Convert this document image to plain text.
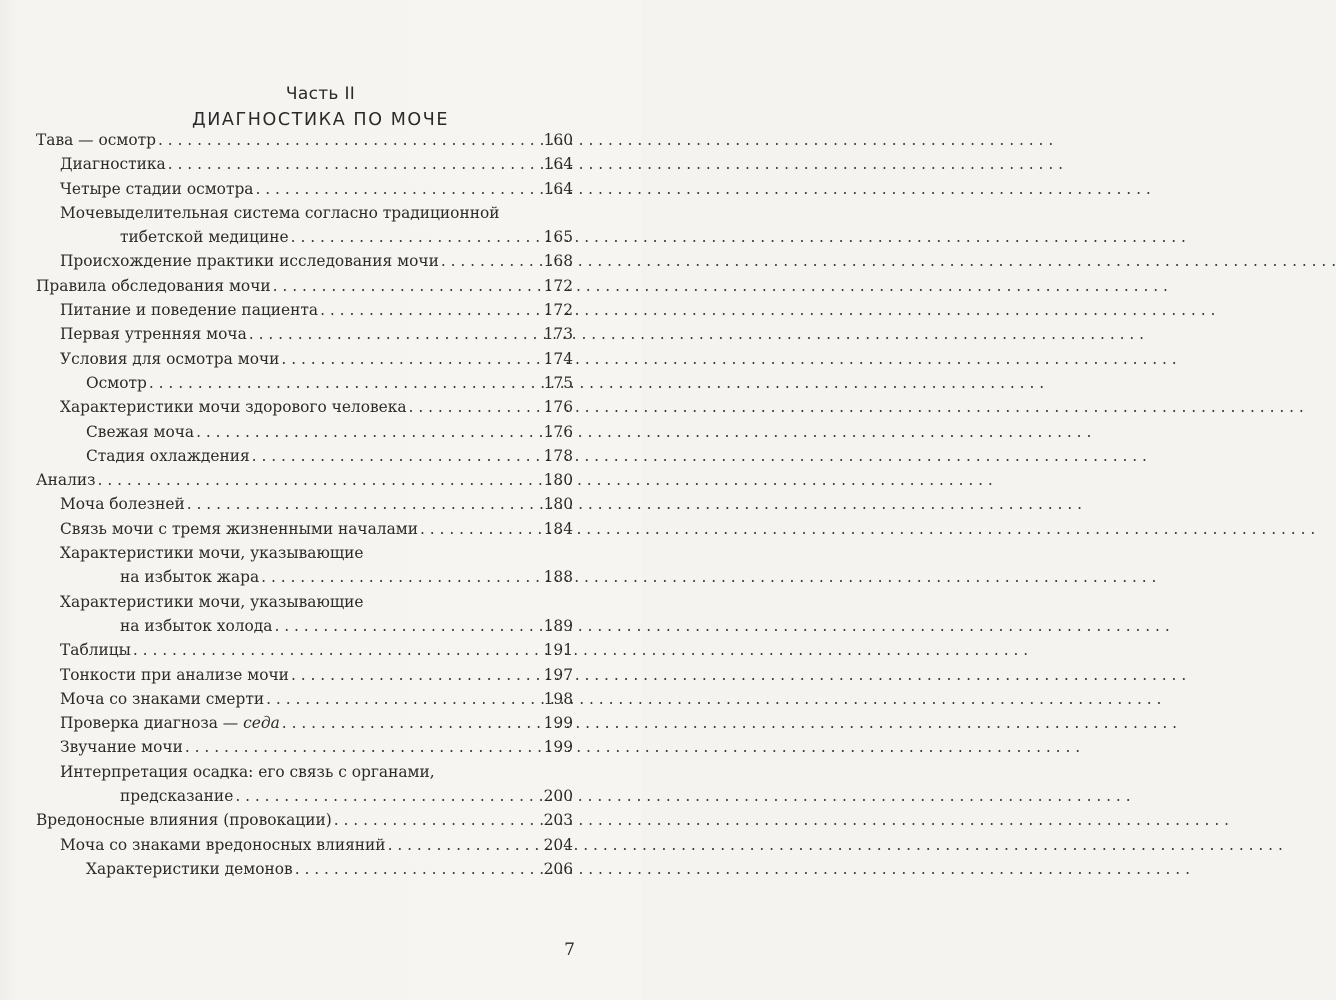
Часть II
ДИАГНОСТИКА ПО МОЧЕ
Тава — осмотр . . .	160
Диагностика . . .	164
Четыре стадии осмотра . . .	164
Мочевыделительная система согласно традиционной
тибетской медицине . . .	165
Происхождение практики исследования мочи . . .	168
Правила обследования мочи . . .	172
Питание и поведение пациента . . .	172
Первая утренняя моча . . .	173
Условия для осмотра мочи . . .	174
Осмотр . . .	175
Характеристики мочи здорового человека . . .	176
Свежая моча . . .	176
Стадия охлаждения . . .	178
Анализ . . .	180
Моча болезней . . .	180
Связь мочи с тремя жизненными началами . . .	184
Характеристики мочи, указывающие
на избыток жара . . .	188
Характеристики мочи, указывающие
на избыток холода . . .	189
Таблицы . . .	191
Тонкости при анализе мочи . . .	197
Моча со знаками смерти . . .	198
Проверка диагноза — седа . . .	199
Звучание мочи . . .	199
Интерпретация осадка: его связь с органами,
предсказание . . .	200
Вредоносные влияния (провокации) . . .	203
Моча со знаками вредоносных влияний . . .	204
Характеристики демонов . . .	206
7
